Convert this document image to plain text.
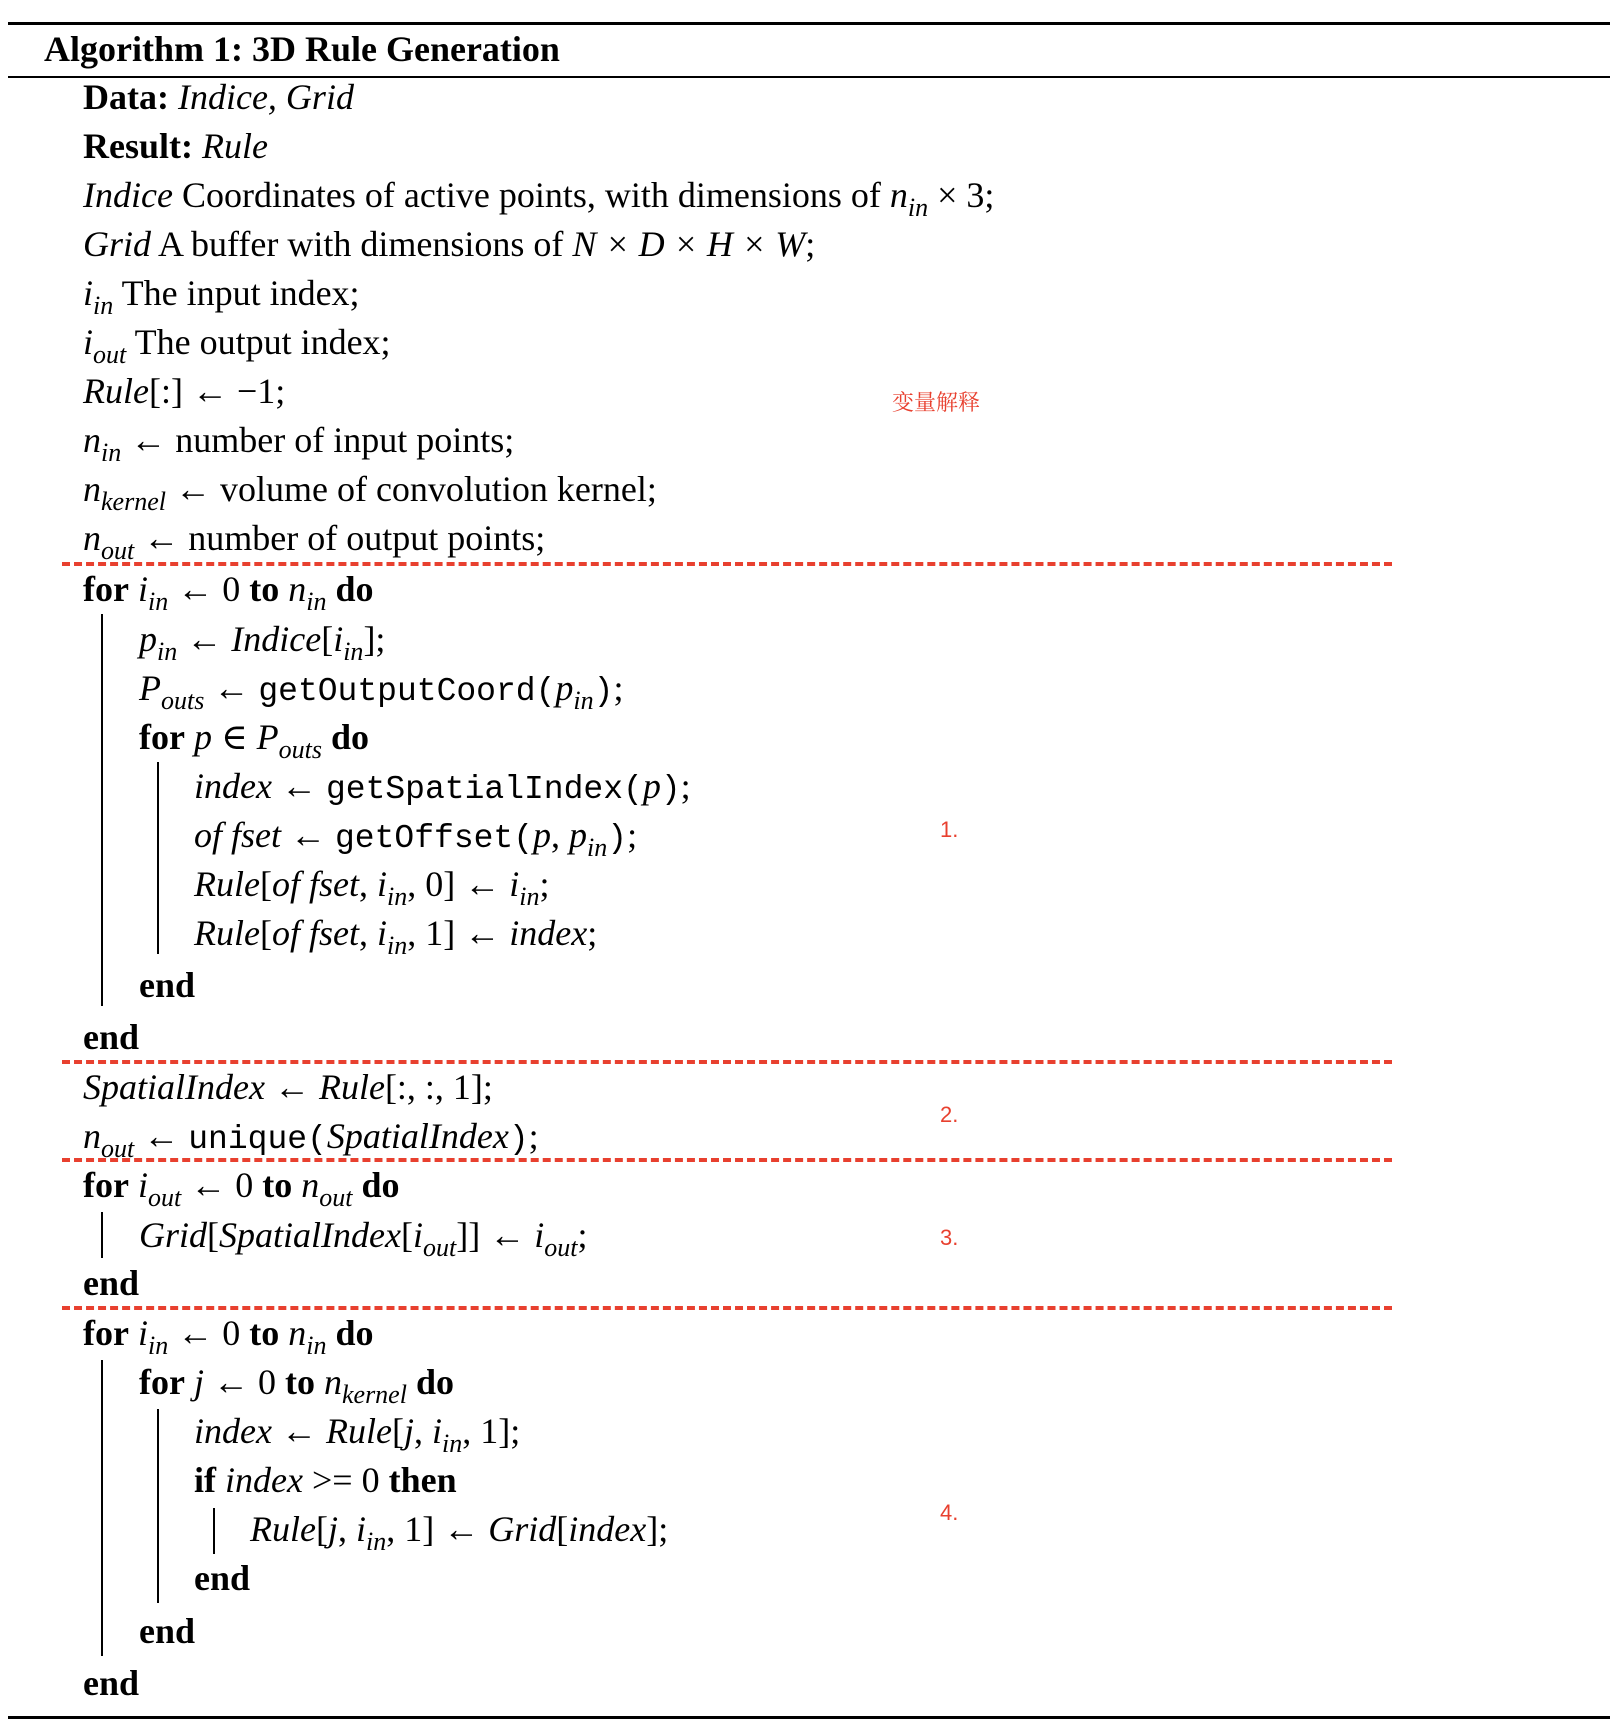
Algorithm 1: 3D Rule Generation
Data: Indice, Grid
Result: Rule
Indice Coordinates of active points, with dimensions of $n_{in} \times 3$;
Grid A buffer with dimensions of N × D × H × W;
$i_{in}$ The input index;
$i_{out}$ The output index;
Rule[:] ← −1;
$n_{in}$ ← number of input points;
$n_{kernel}$ ← volume of convolution kernel;
$n_{out}$ ← number of output points;
变量解释
for $i_{in}$ ← 0 to $n_{in}$ do
$p_{in}$ ← $Indice[i_{in}]$;
$P_{outs}$ ← $getOutputCoord(p_{in})$;
for p ∈ $P_{outs}$ do
index ← getSpatialIndex(p);
of fset ← getOffset(p, $p_{in}$);
Rule[of fset, $i_{in}$, 0] ← $i_{in}$;
Rule[of fset, $i_{in}$, 1] ← index;
end
end
1.
SpatialIndex ← Rule[:, :, 1];
$n_{out}$ ← unique(SpatialIndex);
2.
for $i_{out}$ ← 0 to $n_{out}$ do
$Grid[SpatialIndex[i_{out}]]$ ← $i_{out}$;
end
3.
for $i_{in}$ ← 0 to $n_{in}$ do
for j ← 0 to $n_{kernel}$ do
index ← Rule[j, $i_{in}$, 1];
if index >= 0 then
Rule[j, $i_{in}$, 1] ← Grid[index];
end
end
end
4.
